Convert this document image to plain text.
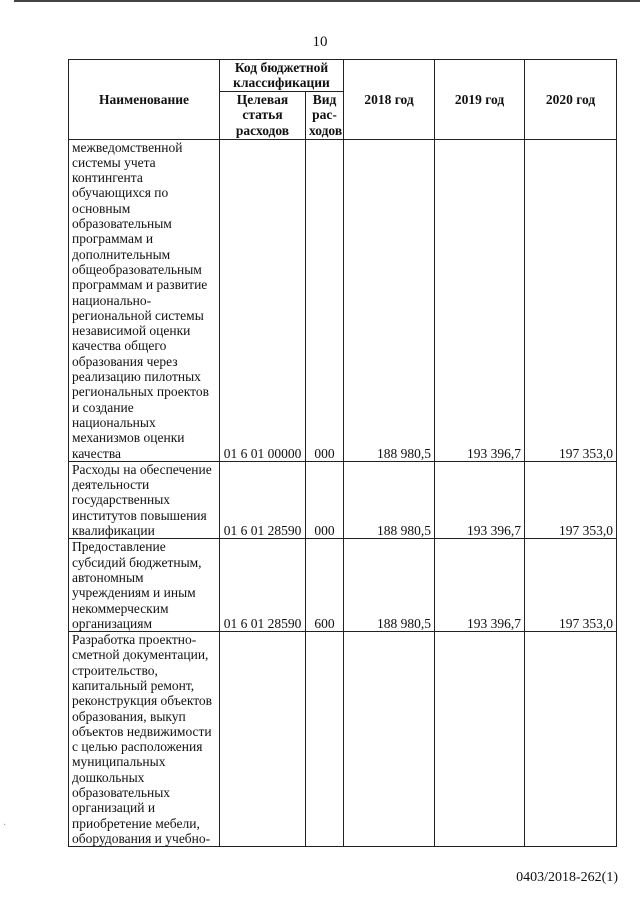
10
Наименование	Код бюджетной классификации		2018 год	2019 год	2020 год
	Целевая статья расходов	Вид рас-ходов			
межведомственной системы учета контингента обучающихся по основным образовательным программам и дополнительным общеобразовательным программам и развитие национально-региональной системы независимой оценки качества общего образования через реализацию пилотных региональных проектов и создание национальных механизмов оценки качества	01 6 01 00000	000	188 980,5	193 396,7	197 353,0
Расходы на обеспечение деятельности государственных институтов повышения квалификации	01 6 01 28590	000	188 980,5	193 396,7	197 353,0
Предоставление субсидий бюджетным, автономным учреждениям и иным некоммерческим организациям	01 6 01 28590	600	188 980,5	193 396,7	197 353,0
Разработка проектно-сметной документации, строительство, капитальный ремонт, реконструкция объектов образования, выкуп объектов недвижимости с целью расположения муниципальных дошкольных образовательных организаций и приобретение мебели, оборудования и учебно-					
·
0403/2018-262(1)
